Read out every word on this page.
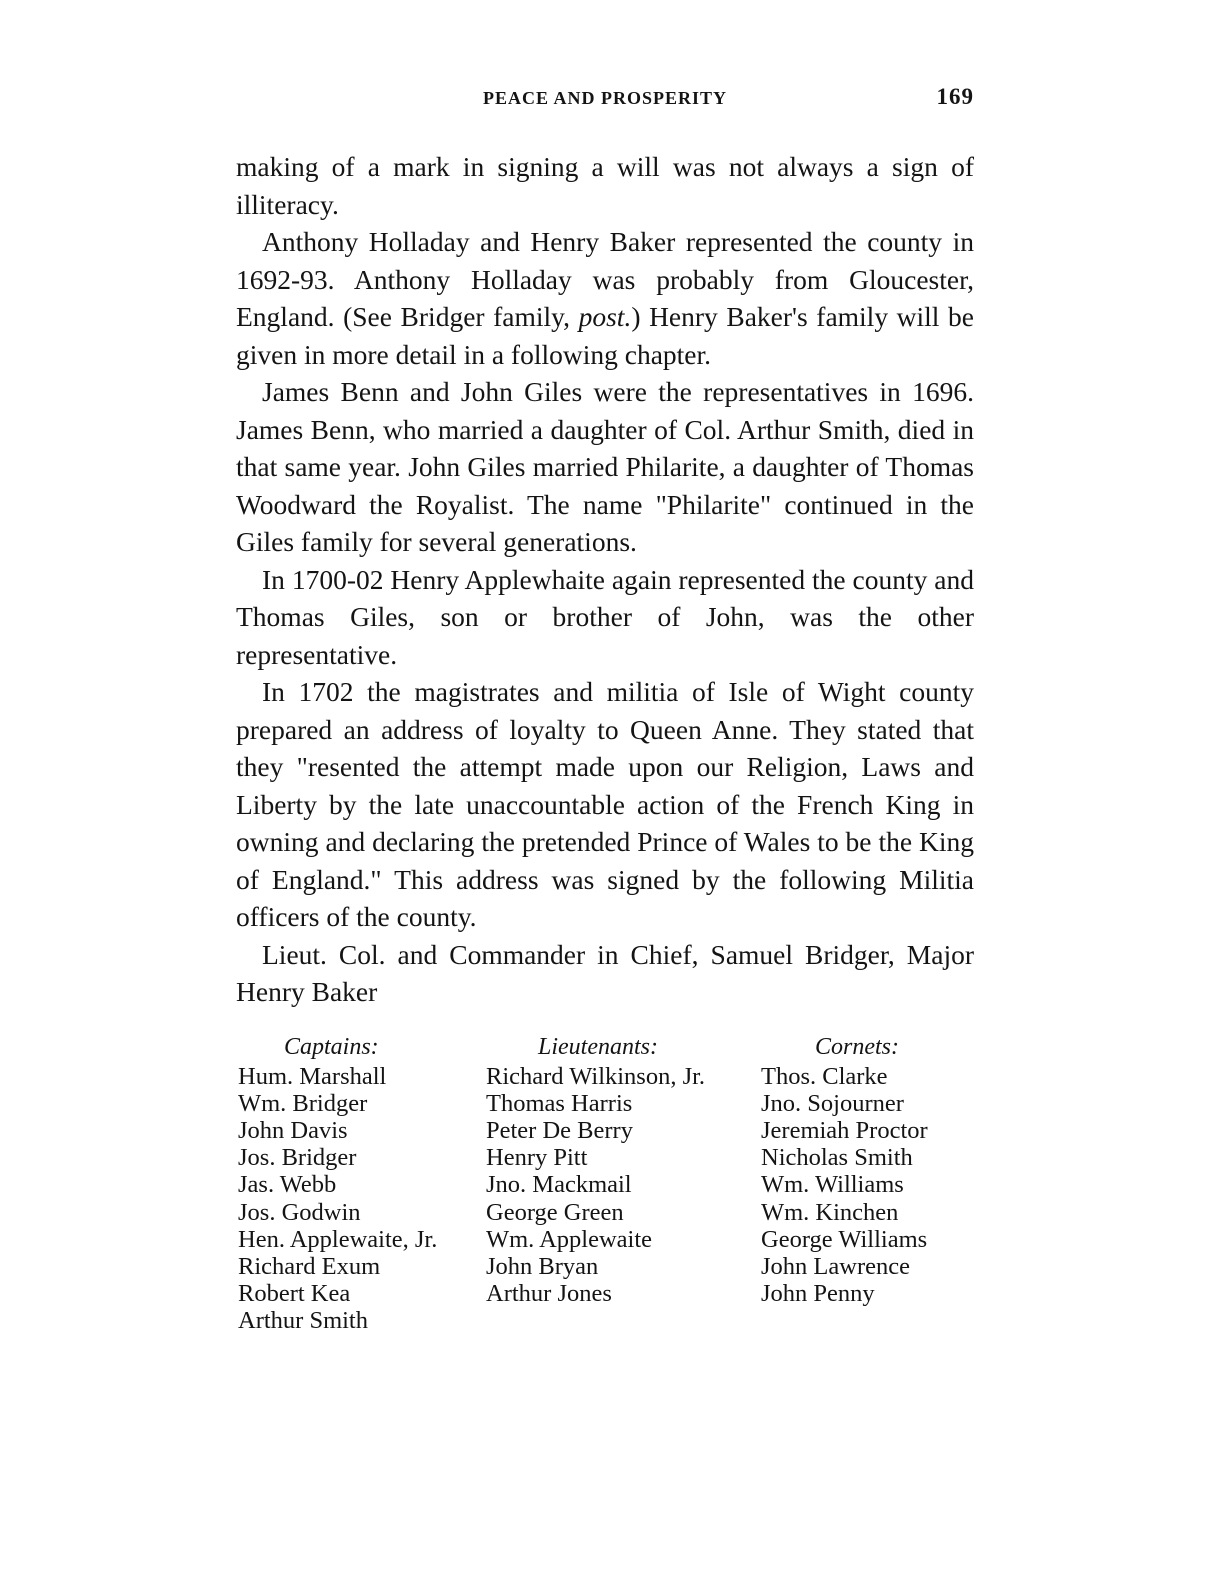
PEACE AND PROSPERITY	169

making of a mark in signing a will was not always a sign of illiteracy.

Anthony Holladay and Henry Baker represented the county in 1692-93. Anthony Holladay was probably from Gloucester, England. (See Bridger family, post.) Henry Baker's family will be given in more detail in a following chapter.

James Benn and John Giles were the representatives in 1696. James Benn, who married a daughter of Col. Arthur Smith, died in that same year. John Giles married Philarite, a daughter of Thomas Woodward the Royalist. The name "Philarite" continued in the Giles family for several generations.

In 1700-02 Henry Applewhaite again represented the county and Thomas Giles, son or brother of John, was the other representative.

In 1702 the magistrates and militia of Isle of Wight county prepared an address of loyalty to Queen Anne. They stated that they "resented the attempt made upon our Religion, Laws and Liberty by the late unaccountable action of the French King in owning and declaring the pretended Prince of Wales to be the King of England." This address was signed by the following Militia officers of the county.

Lieut. Col. and Commander in Chief, Samuel Bridger, Major Henry Baker

Captains:
Hum. Marshall
Wm. Bridger
John Davis
Jos. Bridger
Jas. Webb
Jos. Godwin
Hen. Applewaite, Jr.
Richard Exum
Robert Kea
Arthur Smith
Lieutenants:
Richard Wilkinson, Jr.
Thomas Harris
Peter De Berry
Henry Pitt
Jno. Mackmail
George Green
Wm. Applewaite
John Bryan
Arthur Jones
Cornets:
Thos. Clarke
Jno. Sojourner
Jeremiah Proctor
Nicholas Smith
Wm. Williams
Wm. Kinchen
George Williams
John Lawrence
John Penny
